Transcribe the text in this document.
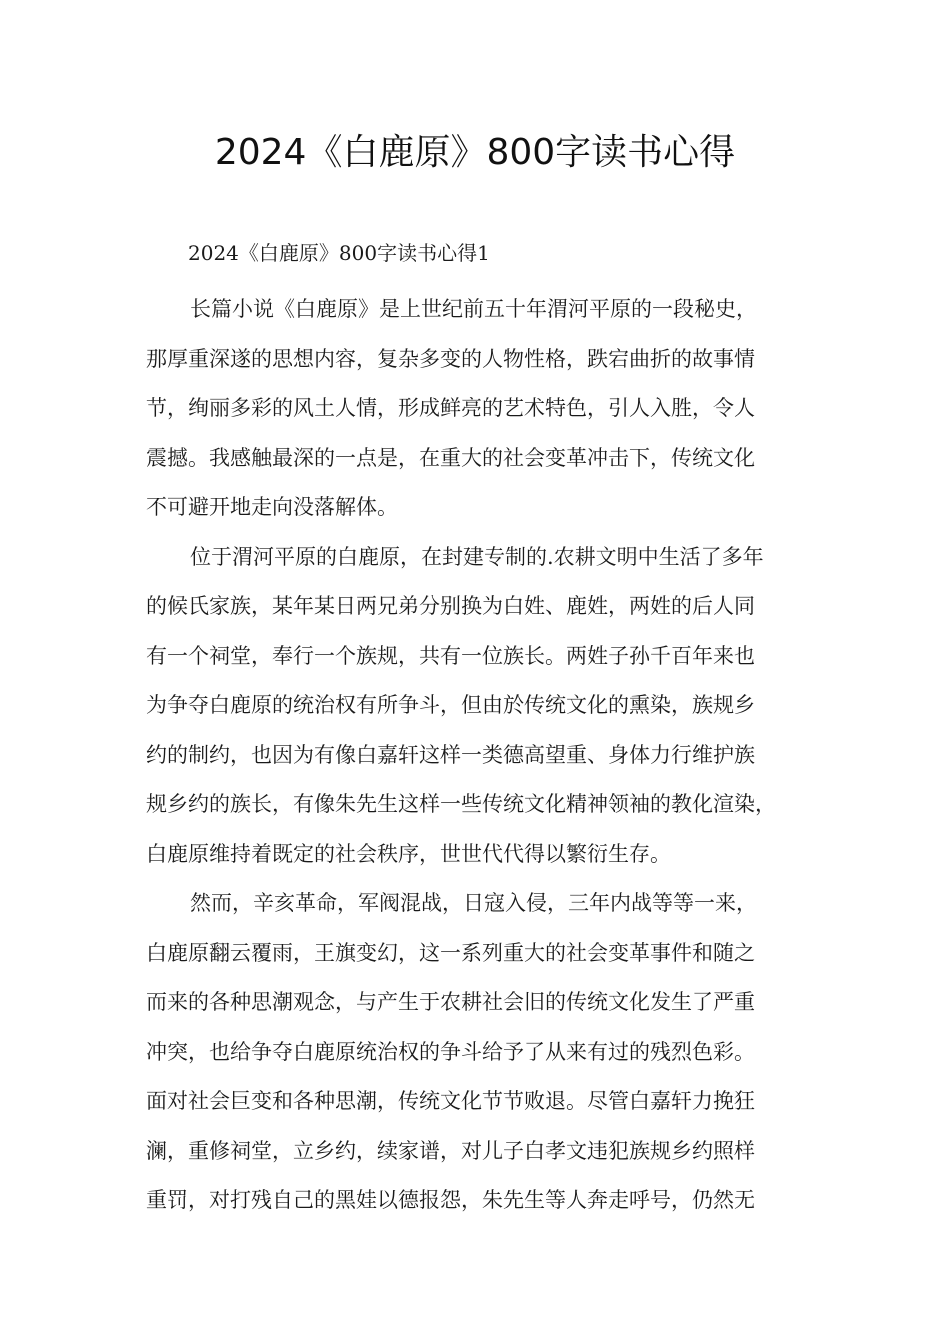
2024《白鹿原》800字读书心得
2024《白鹿原》800字读书心得1
长篇小说《白鹿原》是上世纪前五十年渭河平原的一段秘史，
那厚重深遂的思想内容，复杂多变的人物性格，跌宕曲折的故事情
节，绚丽多彩的风土人情，形成鲜亮的艺术特色，引人入胜，令人
震撼。我感触最深的一点是，在重大的社会变革冲击下，传统文化
不可避开地走向没落解体。
位于渭河平原的白鹿原，在封建专制的.农耕文明中生活了多年
的候氏家族，某年某日两兄弟分别换为白姓、鹿姓，两姓的后人同
有一个祠堂，奉行一个族规，共有一位族长。两姓子孙千百年来也
为争夺白鹿原的统治权有所争斗，但由於传统文化的熏染，族规乡
约的制约，也因为有像白嘉轩这样一类德高望重、身体力行维护族
规乡约的族长，有像朱先生这样一些传统文化精神领袖的教化渲染，
白鹿原维持着既定的社会秩序，世世代代得以繁衍生存。
然而，辛亥革命，军阀混战，日寇入侵，三年内战等等一来，
白鹿原翻云覆雨，王旗变幻，这一系列重大的社会变革事件和随之
而来的各种思潮观念，与产生于农耕社会旧的传统文化发生了严重
冲突，也给争夺白鹿原统治权的争斗给予了从来有过的残烈色彩。
面对社会巨变和各种思潮，传统文化节节败退。尽管白嘉轩力挽狂
澜，重修祠堂，立乡约，续家谱，对儿子白孝文违犯族规乡约照样
重罚，对打残自己的黑娃以德报怨，朱先生等人奔走呼号，仍然无
